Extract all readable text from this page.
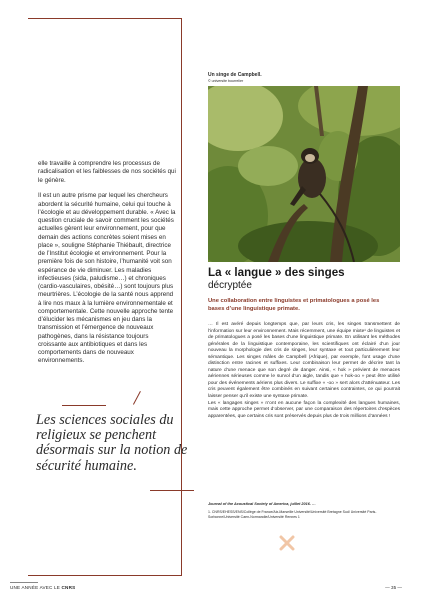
elle travaille à comprendre les processus de radicalisation et les faiblesses de nos sociétés qui le génère.

Il est un autre prisme par lequel les chercheurs abordent la sécurité humaine, celui qui touche à l’écologie et au développement durable. « Avec la question cruciale de savoir comment les sociétés actuelles gèrent leur environnement, pour que demain des actions concrètes soient mises en place », souligne Stéphanie Thiébault, directrice de l’Institut écologie et environnement. Pour la première fois de son histoire, l’humanité voit son espérance de vie diminuer. Les maladies infectieuses (sida, paludisme…) et chroniques (cardio-vasculaires, obésité…) sont toujours plus meurtrières. L’écologie de la santé nous apprend à lire nos maux à la lumière environnementale et comportementale. Cette nouvelle approche tente d’élucider les mécanismes en jeu dans la transmission et l’émergence de nouveaux pathogènes, dans la résistance toujours croissante aux antibiotiques et dans les comportements dans de nouveaux environnements.

Les sciences sociales du religieux se penchent désormais sur la notion de sécurité humaine.
Un singe de Campbell.
© universite bourrelier
La « langue » des singes
décryptée
Une collaboration entre linguistes et primatologues a posé les bases d’une linguistique primate.

… Il est avéré depuis longtemps que, par leurs cris, les singes transmettent de l’information sur leur environnement. Mais récemment, une équipe mixte¹ de linguistes et de primatologues a posé les bases d’une linguistique primate. En utilisant les méthodes générales de la linguistique contemporaine, les scientifiques ont éclairé d’un jour nouveau la morphologie des cris de singes, leur syntaxe et tout particulièrement leur sémantique. Les singes mâles de Campbell (Afrique), par exemple, font usage d’une distinction entre racines et suffixes. Leur combinaison leur permet de décrire tant la nature d’une menace que son degré de danger. Ainsi, « hok » prévient de menaces aériennes sérieuses comme le survol d’un aigle, tandis que « hok-oo » peut être utilisé pour des événements aériens plus divers. Le suffixe « -oo » sert alors d’atténuateur. Les cris peuvent également être combinés en suivant certaines contraintes, ce qui pourrait laisser penser qu’il existe une syntaxe primate.

Les « langages singes » n’ont en aucune façon la complexité des langues humaines, mais cette approche permet d’observer, par une comparaison des répertoires d’espèces apparentées, que certains cris sont préservés depuis plus de trois millions d’années !

Journal of the Acoustical Society of America, juillet 2016. …
1. CNRS/EHESS/ENS/Collège de France/Aix-Marseille Université/Université Bretagne Sud/ Université Paris-Sorbonne/Université Caen-Normandie/Université Rennes 1
UNE ANNÉE AVEC LE CNRS	— 35 —
